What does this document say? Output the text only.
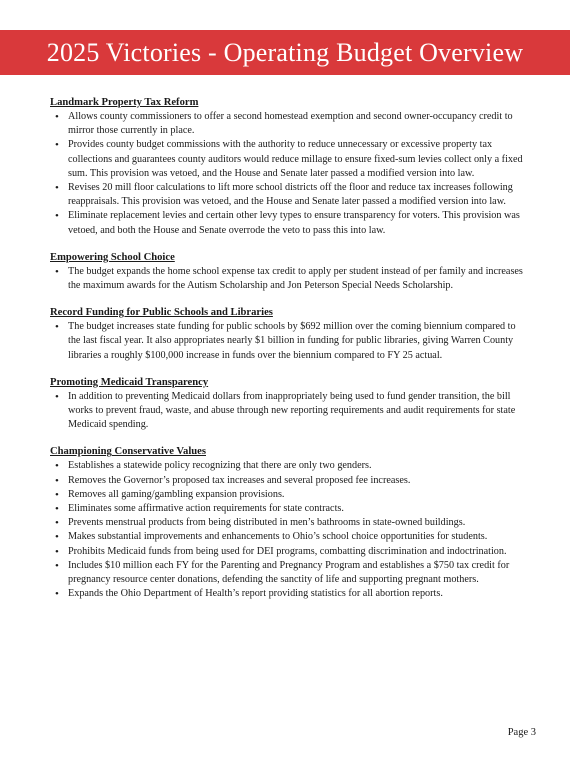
2025 Victories - Operating Budget Overview
Landmark Property Tax Reform
• Allows county commissioners to offer a second homestead exemption and second owner-occupancy credit to mirror those currently in place.
• Provides county budget commissions with the authority to reduce unnecessary or excessive property tax collections and guarantees county auditors would reduce millage to ensure fixed-sum levies collect only a fixed sum. This provision was vetoed, and the House and Senate later passed a modified version into law.
• Revises 20 mill floor calculations to lift more school districts off the floor and reduce tax increases following reappraisals. This provision was vetoed, and the House and Senate later passed a modified version into law.
• Eliminate replacement levies and certain other levy types to ensure transparency for voters. This provision was vetoed, and both the House and Senate overrode the veto to pass this into law.
Empowering School Choice
• The budget expands the home school expense tax credit to apply per student instead of per family and increases the maximum awards for the Autism Scholarship and Jon Peterson Special Needs Scholarship.
Record Funding for Public Schools and Libraries
• The budget increases state funding for public schools by $692 million over the coming biennium compared to the last fiscal year. It also appropriates nearly $1 billion in funding for public libraries, giving Warren County libraries a roughly $100,000 increase in funds over the biennium compared to FY 25 actual.
Promoting Medicaid Transparency
• In addition to preventing Medicaid dollars from inappropriately being used to fund gender transition, the bill works to prevent fraud, waste, and abuse through new reporting requirements and audit requirements for state Medicaid spending.
Championing Conservative Values
• Establishes a statewide policy recognizing that there are only two genders.
• Removes the Governor’s proposed tax increases and several proposed fee increases.
• Removes all gaming/gambling expansion provisions.
• Eliminates some affirmative action requirements for state contracts.
• Prevents menstrual products from being distributed in men’s bathrooms in state-owned buildings.
• Makes substantial improvements and enhancements to Ohio’s school choice opportunities for students.
• Prohibits Medicaid funds from being used for DEI programs, combatting discrimination and indoctrination.
• Includes $10 million each FY for the Parenting and Pregnancy Program and establishes a $750 tax credit for pregnancy resource center donations, defending the sanctity of life and supporting pregnant mothers.
• Expands the Ohio Department of Health’s report providing statistics for all abortion reports.
Page 3
